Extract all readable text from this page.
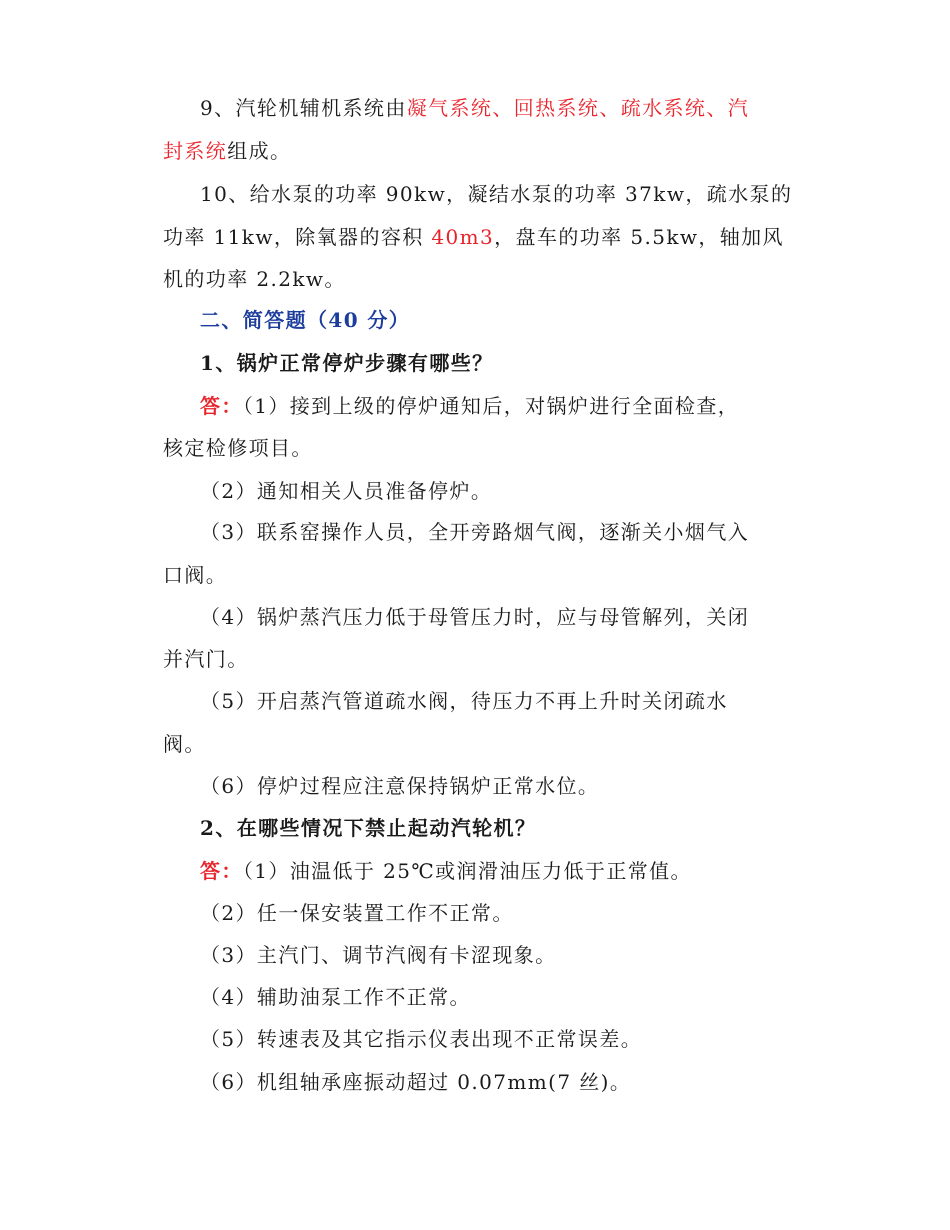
9、汽轮机辅机系统由凝气系统、回热系统、疏水系统、汽
封系统组成。
10、给水泵的功率 90kw，凝结水泵的功率 37kw，疏水泵的
功率 11kw，除氧器的容积 40m3，盘车的功率 5.5kw，轴加风
机的功率 2.2kw。
二、简答题（40 分）
1、锅炉正常停炉步骤有哪些？
答：（1）接到上级的停炉通知后，对锅炉进行全面检查，
核定检修项目。
（2）通知相关人员准备停炉。
（3）联系窑操作人员，全开旁路烟气阀，逐渐关小烟气入
口阀。
（4）锅炉蒸汽压力低于母管压力时，应与母管解列，关闭
并汽门。
（5）开启蒸汽管道疏水阀，待压力不再上升时关闭疏水
阀。
（6）停炉过程应注意保持锅炉正常水位。
2、在哪些情况下禁止起动汽轮机？
答：（1）油温低于 25℃或润滑油压力低于正常值。
（2）任一保安装置工作不正常。
（3）主汽门、调节汽阀有卡涩现象。
（4）辅助油泵工作不正常。
（5）转速表及其它指示仪表出现不正常误差。
（6）机组轴承座振动超过 0.07mm(7 丝)。
